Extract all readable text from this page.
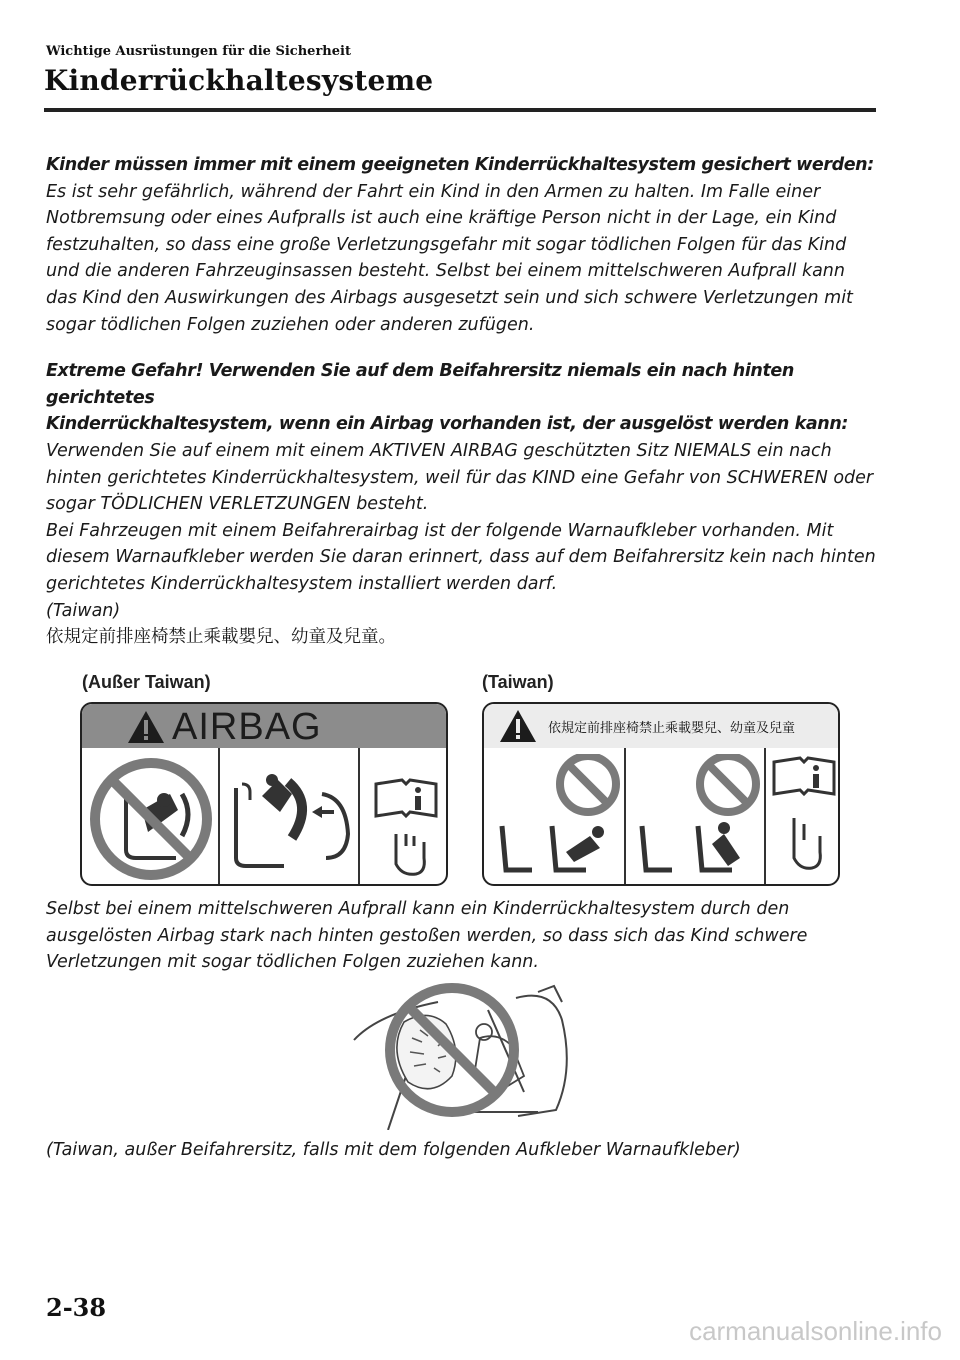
Wichtige Ausrüstungen für die Sicherheit
Kinderrückhaltesysteme

Kinder müssen immer mit einem geeigneten Kinderrückhaltesystem gesichert werden:

Es ist sehr gefährlich, während der Fahrt ein Kind in den Armen zu halten. Im Falle einer

Notbremsung oder eines Aufpralls ist auch eine kräftige Person nicht in der Lage, ein Kind

festzuhalten, so dass eine große Verletzungsgefahr mit sogar tödlichen Folgen für das Kind

und die anderen Fahrzeuginsassen besteht. Selbst bei einem mittelschweren Aufprall kann

das Kind den Auswirkungen des Airbags ausgesetzt sein und sich schwere Verletzungen mit

sogar tödlichen Folgen zuziehen oder anderen zufügen.

Extreme Gefahr! Verwenden Sie auf dem Beifahrersitz niemals ein nach hinten gerichtetes

Kinderrückhaltesystem, wenn ein Airbag vorhanden ist, der ausgelöst werden kann:

Verwenden Sie auf einem mit einem AKTIVEN AIRBAG geschützten Sitz NIEMALS ein nach

hinten gerichtetes Kinderrückhaltesystem, weil für das KIND eine Gefahr von SCHWEREN oder

sogar TÖDLICHEN VERLETZUNGEN besteht.

Bei Fahrzeugen mit einem Beifahrerairbag ist der folgende Warnaufkleber vorhanden. Mit

diesem Warnaufkleber werden Sie daran erinnert, dass auf dem Beifahrersitz kein nach hinten

gerichtetes Kinderrückhaltesystem installiert werden darf.

(Taiwan)

依規定前排座椅禁止乘載嬰兒、幼童及兒童。

(Außer Taiwan)	(Taiwan)
AIRBAG	依規定前排座椅禁止乘載嬰兒、幼童及兒童

Selbst bei einem mittelschweren Aufprall kann ein Kinderrückhaltesystem durch den

ausgelösten Airbag stark nach hinten gestoßen werden, so dass sich das Kind schwere

Verletzungen mit sogar tödlichen Folgen zuziehen kann.

(Taiwan, außer Beifahrersitz, falls mit dem folgenden Aufkleber Warnaufkleber)
2-38
carmanualsonline.info
